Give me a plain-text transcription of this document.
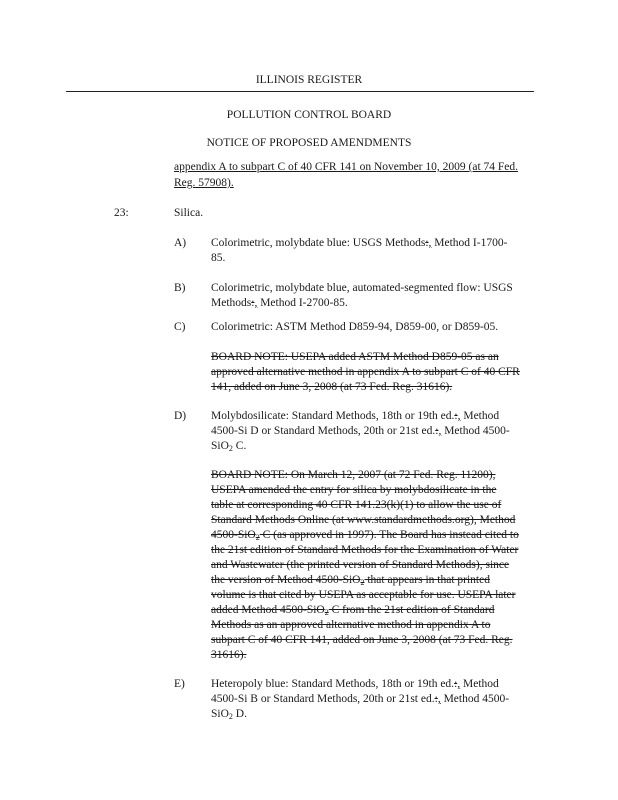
ILLINOIS REGISTER
POLLUTION CONTROL BOARD
NOTICE OF PROPOSED AMENDMENTS
appendix A to subpart C of 40 CFR 141 on November 10, 2009 (at 74 Fed.
Reg. 57908).
23:	Silica.
A) Colorimetric, molybdate blue: USGS Methods:, Method I-1700-
85.
B) Colorimetric, molybdate blue, automated-segmented flow: USGS
Methods:, Method I-2700-85.
C) Colorimetric: ASTM Method D859-94, D859-00, or D859-05.
BOARD NOTE: USEPA added ASTM Method D859-05 as an
approved alternative method in appendix A to subpart C of 40 CFR
141, added on June 3, 2008 (at 73 Fed. Reg. 31616).
D) Molybdosilicate: Standard Methods, 18th or 19th ed.:, Method
4500-Si D or Standard Methods, 20th or 21st ed.:, Method 4500-
SiO$_2$ C.
BOARD NOTE: On March 12, 2007 (at 72 Fed. Reg. 11200),
USEPA amended the entry for silica by molybdosilicate in the
table at corresponding 40 CFR 141.23(k)(1) to allow the use of
Standard Methods Online (at www.standardmethods.org), Method
4500-SiO$_2$ C (as approved in 1997). The Board has instead cited to
the 21st edition of Standard Methods for the Examination of Water
and Wastewater (the printed version of Standard Methods), since
the version of Method 4500-SiO$_2$ that appears in that printed
volume is that cited by USEPA as acceptable for use. USEPA later
added Method 4500-SiO$_2$ C from the 21st edition of Standard
Methods as an approved alternative method in appendix A to
subpart C of 40 CFR 141, added on June 3, 2008 (at 73 Fed. Reg.
31616).
E) Heteropoly blue: Standard Methods, 18th or 19th ed.:, Method
4500-Si B or Standard Methods, 20th or 21st ed.:, Method 4500-
SiO$_2$ D.
